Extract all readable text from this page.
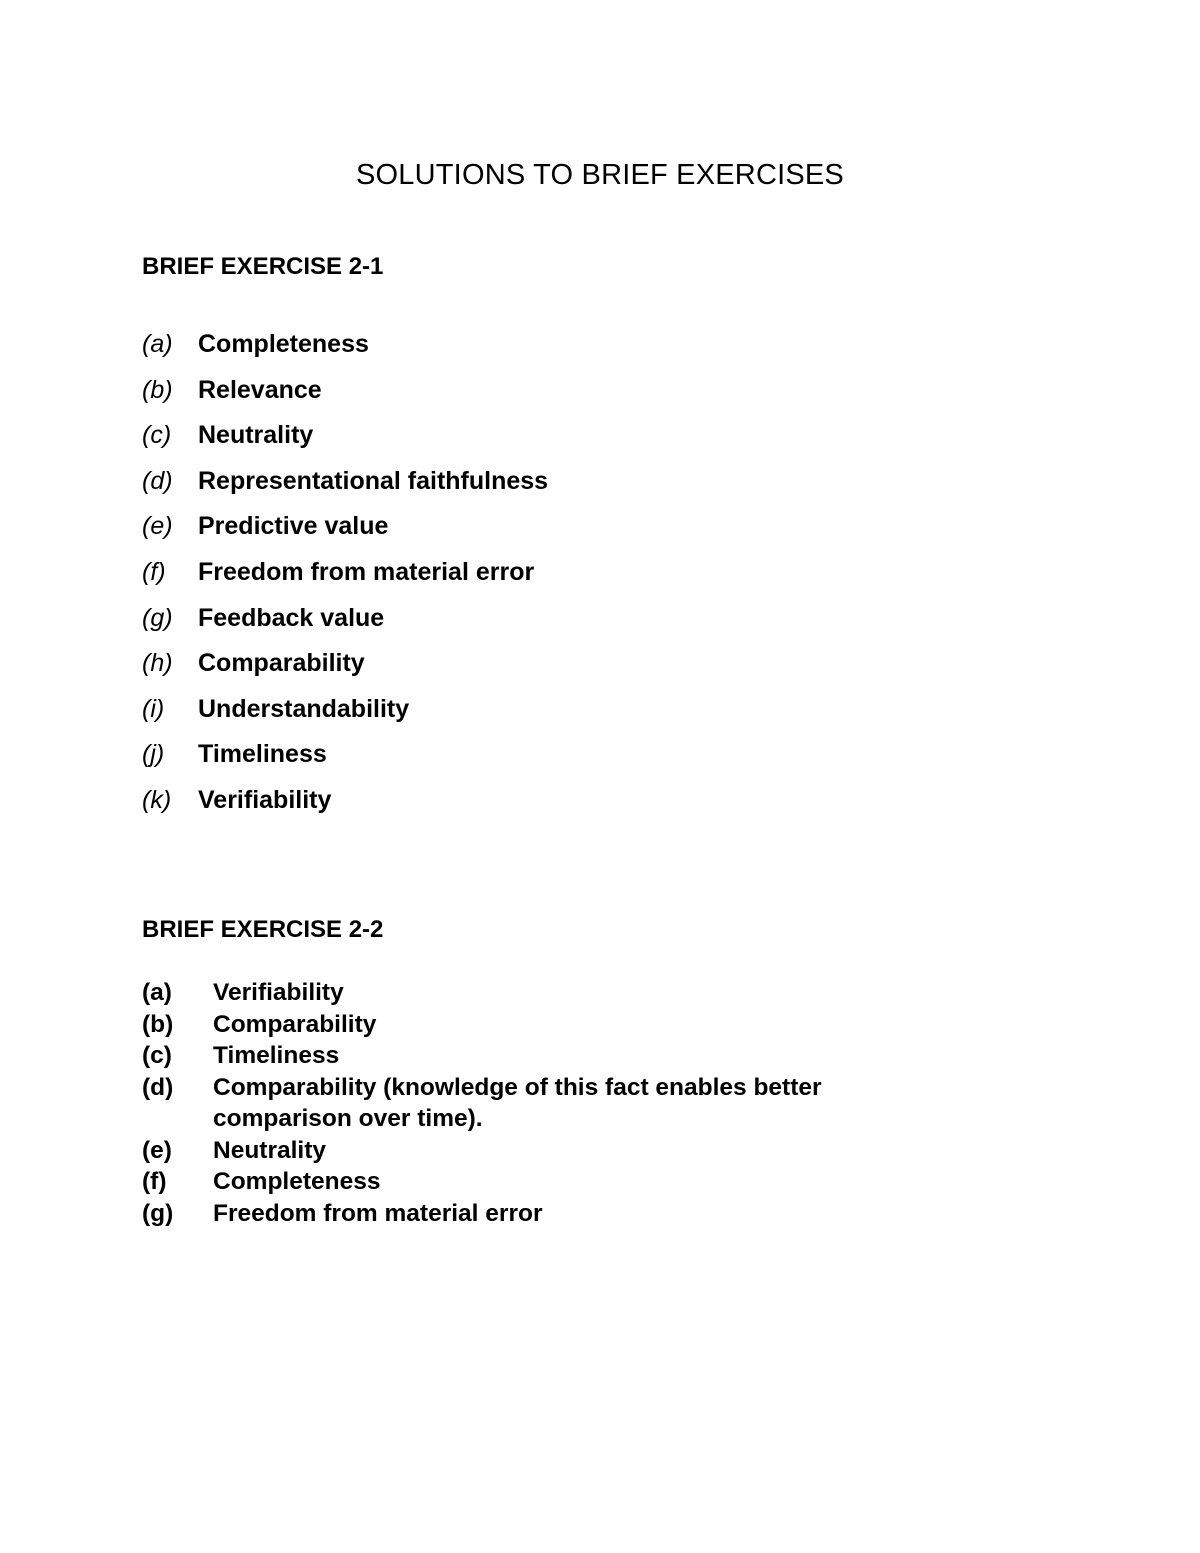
SOLUTIONS TO BRIEF EXERCISES
BRIEF EXERCISE 2-1
(a)	Completeness
(b)	Relevance
(c)	Neutrality
(d)	Representational faithfulness
(e)	Predictive value
(f)	Freedom from material error
(g)	Feedback value
(h)	Comparability
(i)	Understandability
(j)	Timeliness
(k)	Verifiability
BRIEF EXERCISE 2-2
(a)	Verifiability
(b)	Comparability
(c)	Timeliness
(d)	Comparability (knowledge of this fact enables better comparison over time).
(e)	Neutrality
(f)	Completeness
(g)	Freedom from material error
